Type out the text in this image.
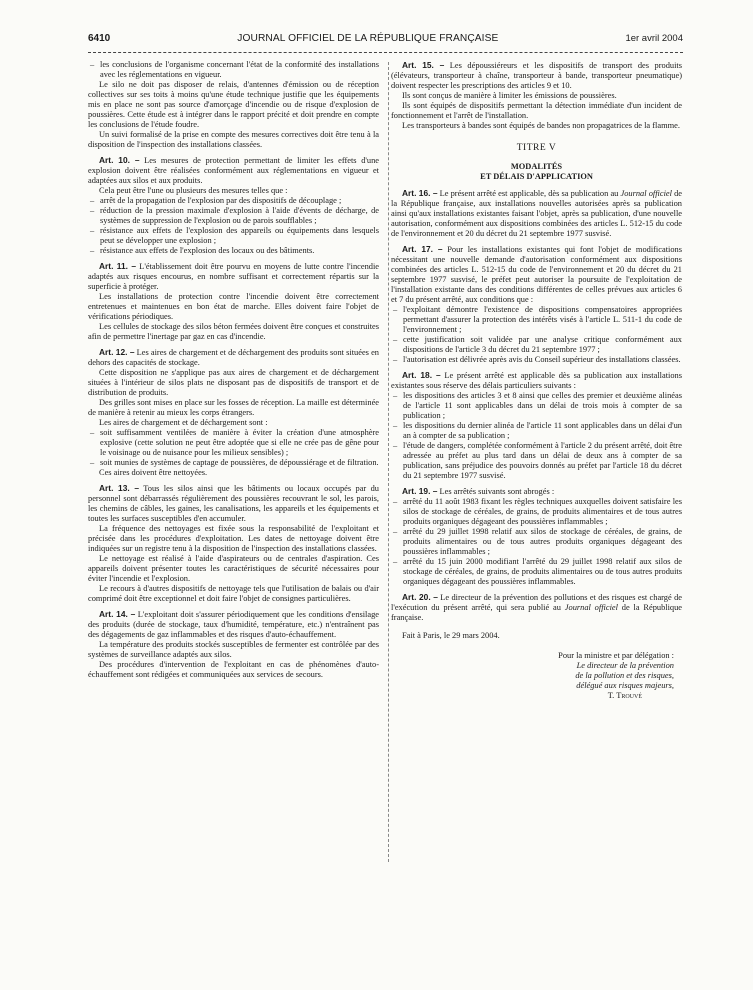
6410	JOURNAL OFFICIEL DE LA RÉPUBLIQUE FRANÇAISE	1er avril 2004

– les conclusions de l'organisme concernant l'état de la conformité des installations avec les réglementations en vigueur.

Le silo ne doit pas disposer de relais, d'antennes d'émission ou de réception collectives sur ses toits à moins qu'une étude technique justifie que les équipements mis en place ne sont pas source d'amorçage d'incendie ou de risque d'explosion de poussières. Cette étude est à intégrer dans le rapport précité et doit prendre en compte les conclusions de l'étude foudre.

Un suivi formalisé de la prise en compte des mesures correctives doit être tenu à la disposition de l'inspection des installations classées.

Art. 10. – Les mesures de protection permettant de limiter les effets d'une explosion doivent être réalisées conformément aux réglementations en vigueur et adaptées aux silos et aux produits.

Cela peut être l'une ou plusieurs des mesures telles que :

– arrêt de la propagation de l'explosion par des dispositifs de découplage ;

– réduction de la pression maximale d'explosion à l'aide d'évents de décharge, de systèmes de suppression de l'explosion ou de parois soufflables ;

– résistance aux effets de l'explosion des appareils ou équipements dans lesquels peut se développer une explosion ;

– résistance aux effets de l'explosion des locaux ou des bâtiments.

Art. 11. – L'établissement doit être pourvu en moyens de lutte contre l'incendie adaptés aux risques encourus, en nombre suffisant et correctement répartis sur la superficie à protéger.

Les installations de protection contre l'incendie doivent être correctement entretenues et maintenues en bon état de marche. Elles doivent faire l'objet de vérifications périodiques.

Les cellules de stockage des silos béton fermées doivent être conçues et construites afin de permettre l'inertage par gaz en cas d'incendie.

Art. 12. – Les aires de chargement et de déchargement des produits sont situées en dehors des capacités de stockage.

Cette disposition ne s'applique pas aux aires de chargement et de déchargement situées à l'intérieur de silos plats ne disposant pas de dispositifs de transport et de distribution de produits.

Des grilles sont mises en place sur les fosses de réception. La maille est déterminée de manière à retenir au mieux les corps étrangers.

Les aires de chargement et de déchargement sont :

– soit suffisamment ventilées de manière à éviter la création d'une atmosphère explosive (cette solution ne peut être adoptée que si elle ne crée pas de gêne pour le voisinage ou de nuisance pour les milieux sensibles) ;

– soit munies de systèmes de captage de poussières, de dépoussiérage et de filtration.

Ces aires doivent être nettoyées.

Art. 13. – Tous les silos ainsi que les bâtiments ou locaux occupés par du personnel sont débarrassés régulièrement des poussières recouvrant le sol, les parois, les chemins de câbles, les gaines, les canalisations, les appareils et les équipements et toutes les surfaces susceptibles d'en accumuler.

La fréquence des nettoyages est fixée sous la responsabilité de l'exploitant et précisée dans les procédures d'exploitation. Les dates de nettoyage doivent être indiquées sur un registre tenu à la disposition de l'inspection des installations classées.

Le nettoyage est réalisé à l'aide d'aspirateurs ou de centrales d'aspiration. Ces appareils doivent présenter toutes les caractéristiques de sécurité nécessaires pour éviter l'incendie et l'explosion.

Le recours à d'autres dispositifs de nettoyage tels que l'utilisation de balais ou d'air comprimé doit être exceptionnel et doit faire l'objet de consignes particulières.

Art. 14. – L'exploitant doit s'assurer périodiquement que les conditions d'ensilage des produits (durée de stockage, taux d'humidité, température, etc.) n'entraînent pas des dégagements de gaz inflammables et des risques d'auto-échauffement.

La température des produits stockés susceptibles de fermenter est contrôlée par des systèmes de surveillance adaptés aux silos.

Des procédures d'intervention de l'exploitant en cas de phénomènes d'auto-échauffement sont rédigées et communiquées aux services de secours.

Art. 15. – Les dépoussiéreurs et les dispositifs de transport des produits (élévateurs, transporteur à chaîne, transporteur à bande, transporteur pneumatique) doivent respecter les prescriptions des articles 9 et 10.

Ils sont conçus de manière à limiter les émissions de poussières.

Ils sont équipés de dispositifs permettant la détection immédiate d'un incident de fonctionnement et l'arrêt de l'installation.

Les transporteurs à bandes sont équipés de bandes non propagatrices de la flamme.

TITRE V

MODALITÉS

ET DÉLAIS D'APPLICATION

Art. 16. – Le présent arrêté est applicable, dès sa publication au Journal officiel de la République française, aux installations nouvelles autorisées après sa publication ainsi qu'aux installations existantes faisant l'objet, après sa publication, d'une nouvelle autorisation, conformément aux dispositions combinées des articles L. 512-15 du code de l'environnement et 20 du décret du 21 septembre 1977 susvisé.

Art. 17. – Pour les installations existantes qui font l'objet de modifications nécessitant une nouvelle demande d'autorisation conformément aux dispositions combinées des articles L. 512-15 du code de l'environnement et 20 du décret du 21 septembre 1977 susvisé, le préfet peut autoriser la poursuite de l'exploitation de l'installation existante dans des conditions différentes de celles prévues aux articles 6 et 7 du présent arrêté, aux conditions que :

– l'exploitant démontre l'existence de dispositions compensatoires appropriées permettant d'assurer la protection des intérêts visés à l'article L. 511-1 du code de l'environnement ;

– cette justification soit validée par une analyse critique conformément aux dispositions de l'article 3 du décret du 21 septembre 1977 ;

– l'autorisation est délivrée après avis du Conseil supérieur des installations classées.

Art. 18. – Le présent arrêté est applicable dès sa publication aux installations existantes sous réserve des délais particuliers suivants :

– les dispositions des articles 3 et 8 ainsi que celles des premier et deuxième alinéas de l'article 11 sont applicables dans un délai de trois mois à compter de sa publication ;

– les dispositions du dernier alinéa de l'article 11 sont applicables dans un délai d'un an à compter de sa publication ;

– l'étude de dangers, complétée conformément à l'article 2 du présent arrêté, doit être adressée au préfet au plus tard dans un délai de deux ans à compter de sa publication, sans préjudice des pouvoirs donnés au préfet par l'article 18 du décret du 21 septembre 1977 susvisé.

Art. 19. – Les arrêtés suivants sont abrogés :

– arrêté du 11 août 1983 fixant les règles techniques auxquelles doivent satisfaire les silos de stockage de céréales, de grains, de produits alimentaires et de tous autres produits organiques dégageant des poussières inflammables ;

– arrêté du 29 juillet 1998 relatif aux silos de stockage de céréales, de grains, de produits alimentaires ou de tous autres produits organiques dégageant des poussières inflammables ;

– arrêté du 15 juin 2000 modifiant l'arrêté du 29 juillet 1998 relatif aux silos de stockage de céréales, de grains, de produits alimentaires ou de tous autres produits organiques dégageant des poussières inflammables.

Art. 20. – Le directeur de la prévention des pollutions et des risques est chargé de l'exécution du présent arrêté, qui sera publié au Journal officiel de la République française.

Fait à Paris, le 29 mars 2004.

Pour la ministre et par délégation :

Le directeur de la prévention

de la pollution et des risques,

délégué aux risques majeurs,

T. Trouvé
